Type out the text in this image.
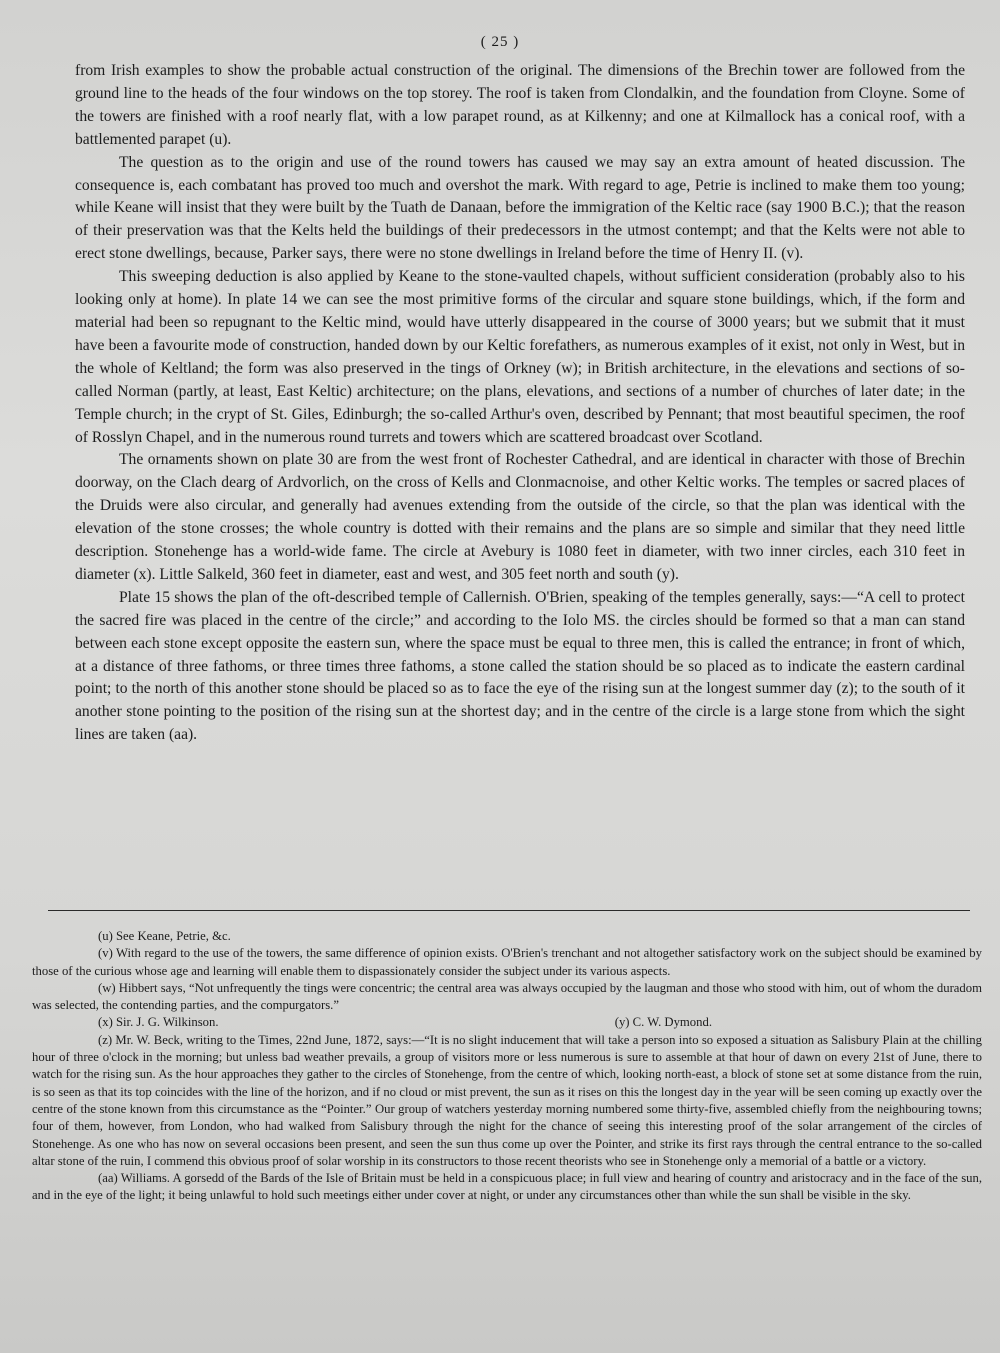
( 25 )

from Irish examples to show the probable actual construction of the original. The dimensions of the Brechin tower are followed from the ground line to the heads of the four windows on the top storey. The roof is taken from Clondalkin, and the foundation from Cloyne. Some of the towers are finished with a roof nearly flat, with a low parapet round, as at Kilkenny; and one at Kilmallock has a conical roof, with a battlemented parapet (u).

The question as to the origin and use of the round towers has caused we may say an extra amount of heated discussion. The consequence is, each combatant has proved too much and overshot the mark. With regard to age, Petrie is inclined to make them too young; while Keane will insist that they were built by the Tuath de Danaan, before the immigration of the Keltic race (say 1900 B.C.); that the reason of their preservation was that the Kelts held the buildings of their predecessors in the utmost contempt; and that the Kelts were not able to erect stone dwellings, because, Parker says, there were no stone dwellings in Ireland before the time of Henry II. (v).

This sweeping deduction is also applied by Keane to the stone-vaulted chapels, without sufficient consideration (probably also to his looking only at home). In plate 14 we can see the most primitive forms of the circular and square stone buildings, which, if the form and material had been so repugnant to the Keltic mind, would have utterly disappeared in the course of 3000 years; but we submit that it must have been a favourite mode of construction, handed down by our Keltic forefathers, as numerous examples of it exist, not only in West, but in the whole of Keltland; the form was also preserved in the tings of Orkney (w); in British architecture, in the elevations and sections of so-called Norman (partly, at least, East Keltic) architecture; on the plans, elevations, and sections of a number of churches of later date; in the Temple church; in the crypt of St. Giles, Edinburgh; the so-called Arthur's oven, described by Pennant; that most beautiful specimen, the roof of Rosslyn Chapel, and in the numerous round turrets and towers which are scattered broadcast over Scotland.

The ornaments shown on plate 30 are from the west front of Rochester Cathedral, and are identical in character with those of Brechin doorway, on the Clach dearg of Ardvorlich, on the cross of Kells and Clonmacnoise, and other Keltic works. The temples or sacred places of the Druids were also circular, and generally had avenues extending from the outside of the circle, so that the plan was identical with the elevation of the stone crosses; the whole country is dotted with their remains and the plans are so simple and similar that they need little description. Stonehenge has a world-wide fame. The circle at Avebury is 1080 feet in diameter, with two inner circles, each 310 feet in diameter (x). Little Salkeld, 360 feet in diameter, east and west, and 305 feet north and south (y).

Plate 15 shows the plan of the oft-described temple of Callernish. O'Brien, speaking of the temples generally, says:—“A cell to protect the sacred fire was placed in the centre of the circle;” and according to the Iolo MS. the circles should be formed so that a man can stand between each stone except opposite the eastern sun, where the space must be equal to three men, this is called the entrance; in front of which, at a distance of three fathoms, or three times three fathoms, a stone called the station should be so placed as to indicate the eastern cardinal point; to the north of this another stone should be placed so as to face the eye of the rising sun at the longest summer day (z); to the south of it another stone pointing to the position of the rising sun at the shortest day; and in the centre of the circle is a large stone from which the sight lines are taken (aa).

(u) See Keane, Petrie, &c.

(v) With regard to the use of the towers, the same difference of opinion exists. O'Brien's trenchant and not altogether satisfactory work on the subject should be examined by those of the curious whose age and learning will enable them to dispassionately consider the subject under its various aspects.

(w) Hibbert says, “Not unfrequently the tings were concentric; the central area was always occupied by the laugman and those who stood with him, out of whom the duradom was selected, the contending parties, and the compurgators.”

(x) Sir. J. G. Wilkinson.	(y) C. W. Dymond.

(z) Mr. W. Beck, writing to the Times, 22nd June, 1872, says:—“It is no slight inducement that will take a person into so exposed a situation as Salisbury Plain at the chilling hour of three o'clock in the morning; but unless bad weather prevails, a group of visitors more or less numerous is sure to assemble at that hour of dawn on every 21st of June, there to watch for the rising sun. As the hour approaches they gather to the circles of Stonehenge, from the centre of which, looking north-east, a block of stone set at some distance from the ruin, is so seen as that its top coincides with the line of the horizon, and if no cloud or mist prevent, the sun as it rises on this the longest day in the year will be seen coming up exactly over the centre of the stone known from this circumstance as the “Pointer.” Our group of watchers yesterday morning numbered some thirty-five, assembled chiefly from the neighbouring towns; four of them, however, from London, who had walked from Salisbury through the night for the chance of seeing this interesting proof of the solar arrangement of the circles of Stonehenge. As one who has now on several occasions been present, and seen the sun thus come up over the Pointer, and strike its first rays through the central entrance to the so-called altar stone of the ruin, I commend this obvious proof of solar worship in its constructors to those recent theorists who see in Stonehenge only a memorial of a battle or a victory.

(aa) Williams. A gorsedd of the Bards of the Isle of Britain must be held in a conspicuous place; in full view and hearing of country and aristocracy and in the face of the sun, and in the eye of the light; it being unlawful to hold such meetings either under cover at night, or under any circumstances other than while the sun shall be visible in the sky.
